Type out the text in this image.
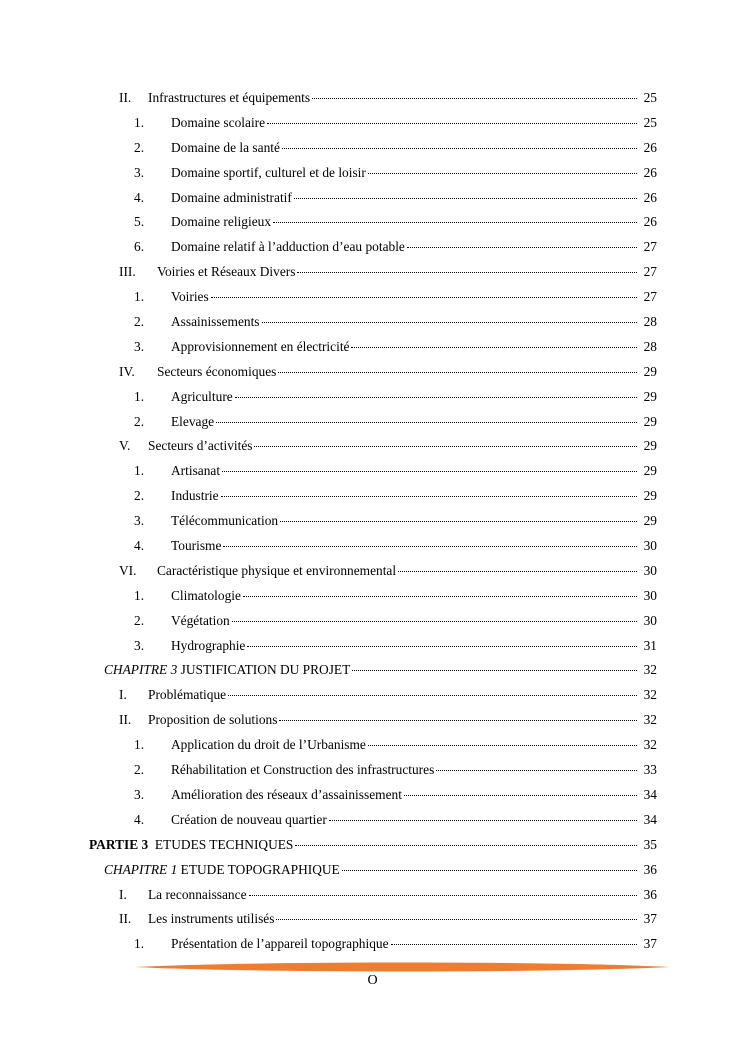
II.	Infrastructures et équipements	25
1.	Domaine scolaire	25
2.	Domaine de la santé	26
3.	Domaine sportif, culturel et de loisir	26
4.	Domaine administratif	26
5.	Domaine religieux	26
6.	Domaine relatif à l’adduction d’eau potable	27
III.	Voiries et Réseaux Divers	27
1.	Voiries	27
2.	Assainissements	28
3.	Approvisionnement en électricité	28
IV.	Secteurs économiques	29
1.	Agriculture	29
2.	Elevage	29
V.	Secteurs d’activités	29
1.	Artisanat	29
2.	Industrie	29
3.	Télécommunication	29
4.	Tourisme	30
VI.	Caractéristique physique et environnemental	30
1.	Climatologie	30
2.	Végétation	30
3.	Hydrographie	31
CHAPITRE 3 JUSTIFICATION DU PROJET	32
I.	Problématique	32
II.	Proposition de solutions	32
1.	Application du droit de l’Urbanisme	32
2.	Réhabilitation et Construction des infrastructures	33
3.	Amélioration des réseaux d’assainissement	34
4.	Création de nouveau quartier	34
PARTIE 3 ETUDES TECHNIQUES	35
CHAPITRE 1 ETUDE TOPOGRAPHIQUE	36
I.	La reconnaissance	36
II.	Les instruments utilisés	37
1.	Présentation de l’appareil topographique	37
O
